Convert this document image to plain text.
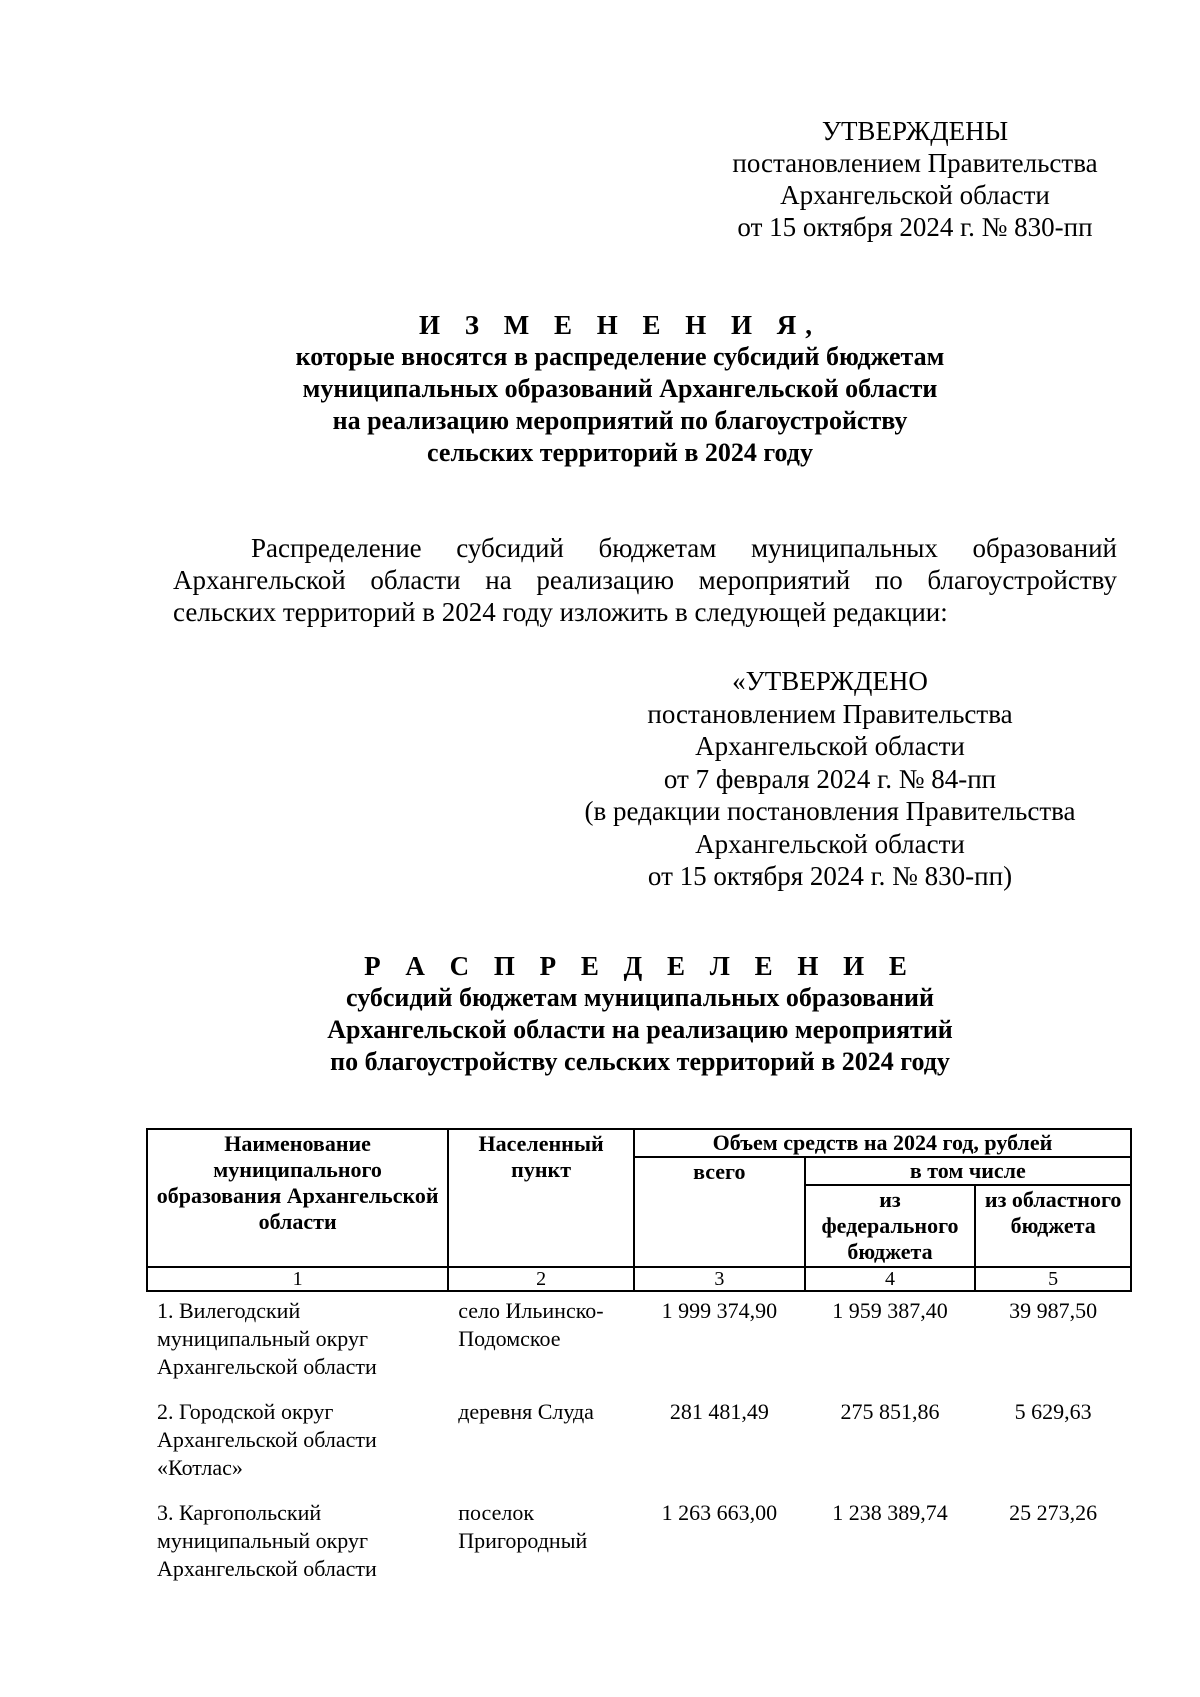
УТВЕРЖДЕНЫ
постановлением Правительства
Архангельской области
от 15 октября 2024 г. № 830-пп
И З М Е Н Е Н И Я,
которые вносятся в распределение субсидий бюджетам
муниципальных образований Архангельской области
на реализацию мероприятий по благоустройству
сельских территорий в 2024 году
Распределение субсидий бюджетам муниципальных образований Архангельской области на реализацию мероприятий по благоустройству сельских территорий в 2024 году изложить в следующей редакции:
«УТВЕРЖДЕНО
постановлением Правительства
Архангельской области
от 7 февраля 2024 г. № 84-пп
(в редакции постановления Правительства
Архангельской области
от 15 октября 2024 г. № 830-пп)
Р А С П Р Е Д Е Л Е Н И Е
субсидий бюджетам муниципальных образований
Архангельской области на реализацию мероприятий
по благоустройству сельских территорий в 2024 году
Наименование муниципального образования Архангельской области	Населенный пункт	Объем средств на 2024 год, рублей		
		всего	в том числе	
			из федерального бюджета	из областного бюджета
1	2	3	4	5
1. Вилегодский муниципальный округ Архангельской области	село Ильинско-Подомское	1 999 374,90	1 959 387,40	39 987,50
2. Городской округ Архангельской области «Котлас»	деревня Слуда	281 481,49	275 851,86	5 629,63
3. Каргопольский муниципальный округ Архангельской области	поселок Пригородный	1 263 663,00	1 238 389,74	25 273,26
